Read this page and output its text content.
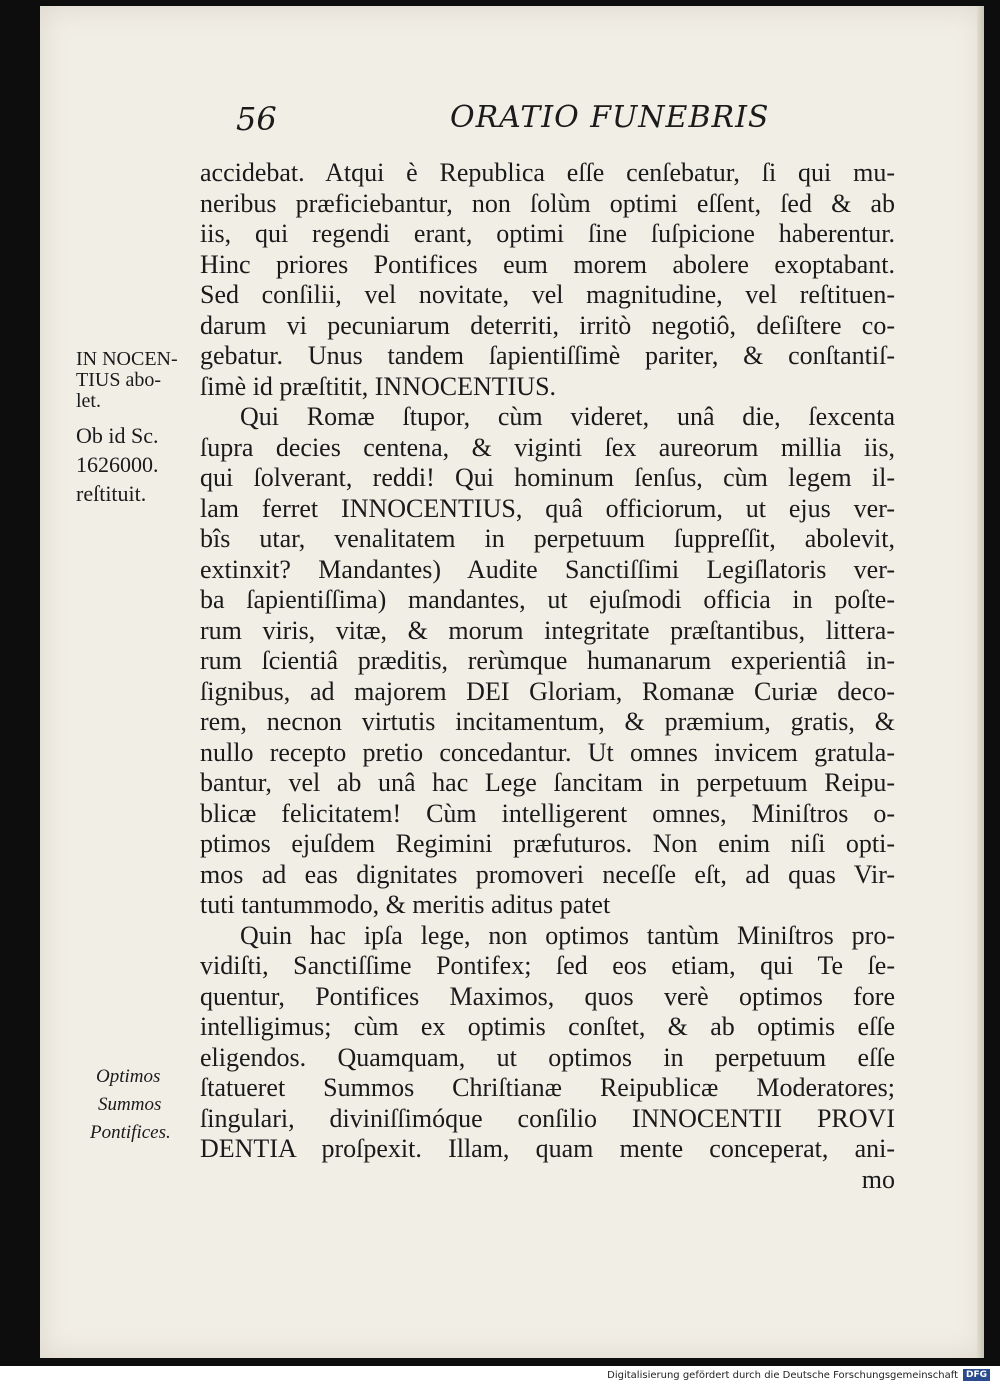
56	ORATIO FUNEBRIS
IN NOCEN-
TIUS abo-
let.
Ob id Sc.
1626000.
reſtituit.
Optimos
Summos
Pontifices.
accidebat. Atqui è Republica eſſe cenſebatur, ſi qui mu-
neribus præficiebantur, non ſolùm optimi eſſent, ſed & ab
iis, qui regendi erant, optimi ſine ſuſpicione haberentur.
Hinc priores Pontifices eum morem abolere exoptabant.
Sed conſilii, vel novitate, vel magnitudine, vel reſtituen-
darum vi pecuniarum deterriti, irritò negotiô, deſiſtere co-
gebatur. Unus tandem ſapientiſſimè pariter, & conſtantiſ-
ſimè id præſtitit, INNOCENTIUS.
Qui Romæ ſtupor, cùm videret, unâ die, ſexcenta
ſupra decies centena, & viginti ſex aureorum millia iis,
qui ſolverant, reddi! Qui hominum ſenſus, cùm legem il-
lam ferret INNOCENTIUS, quâ officiorum, ut ejus ver-
bîs utar, venalitatem in perpetuum ſuppreſſit, abolevit,
extinxit? Mandantes) Audite Sanctiſſimi Legiſlatoris ver-
ba ſapientiſſima) mandantes, ut ejuſmodi officia in poſte-
rum viris, vitæ, & morum integritate præſtantibus, littera-
rum ſcientiâ præditis, rerùmque humanarum experientiâ in-
ſignibus, ad majorem DEI Gloriam, Romanæ Curiæ deco-
rem, necnon virtutis incitamentum, & præmium, gratis, &
nullo recepto pretio concedantur. Ut omnes invicem gratula-
bantur, vel ab unâ hac Lege ſancitam in perpetuum Reipu-
blicæ felicitatem! Cùm intelligerent omnes, Miniſtros o-
ptimos ejuſdem Regimini præfuturos. Non enim niſi opti-
mos ad eas dignitates promoveri neceſſe eſt, ad quas Vir-
tuti tantummodo, & meritis aditus patet
Quin hac ipſa lege, non optimos tantùm Miniſtros pro-
vidiſti, Sanctiſſime Pontifex; ſed eos etiam, qui Te ſe-
quentur, Pontifices Maximos, quos verè optimos fore
intelligimus; cùm ex optimis conſtet, & ab optimis eſſe
eligendos. Quamquam, ut optimos in perpetuum eſſe
ſtatueret Summos Chriſtianæ Reipublicæ Moderatores;
ſingulari, diviniſſimóque conſilio INNOCENTII PROVI
DENTIA proſpexit. Illam, quam mente conceperat, ani-
mo
Digitalisierung gefördert durch die Deutsche Forschungsgemeinschaft DFG
